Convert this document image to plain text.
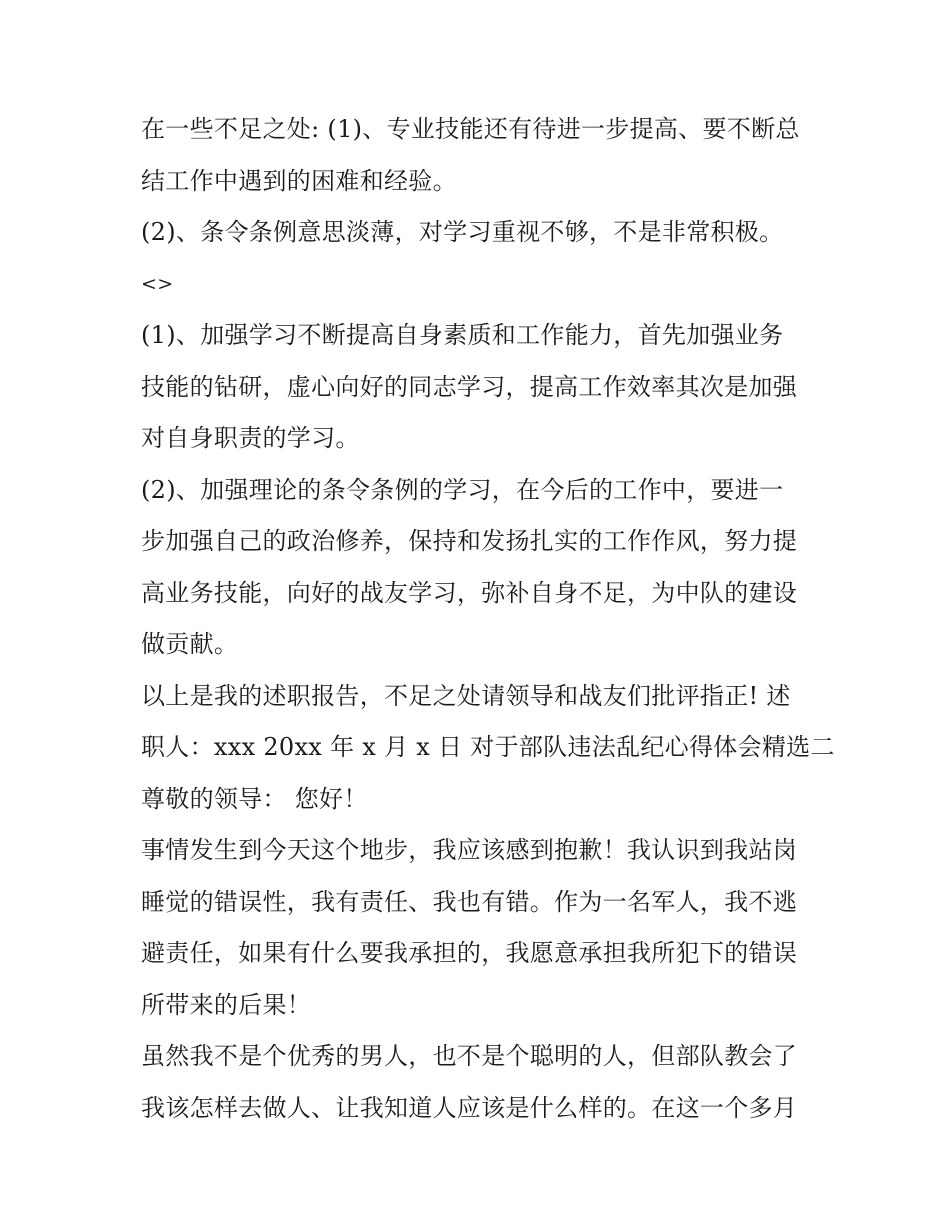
在一些不足之处: (1)、专业技能还有待进一步提高、要不断总
结工作中遇到的困难和经验。
(2)、条令条例意思淡薄，对学习重视不够，不是非常积极。
<>
(1)、加强学习不断提高自身素质和工作能力，首先加强业务
技能的钻研，虚心向好的同志学习，提高工作效率其次是加强
对自身职责的学习。
(2)、加强理论的条令条例的学习，在今后的工作中，要进一
步加强自己的政治修养，保持和发扬扎实的工作作风，努力提
高业务技能，向好的战友学习，弥补自身不足，为中队的建设
做贡献。
以上是我的述职报告，不足之处请领导和战友们批评指正! 述
职人：xxx 20xx 年 x 月 x 日 对于部队违法乱纪心得体会精选二
尊敬的领导： 您好！
事情发生到今天这个地步，我应该感到抱歉！我认识到我站岗
睡觉的错误性，我有责任、我也有错。作为一名军人，我不逃
避责任，如果有什么要我承担的，我愿意承担我所犯下的错误
所带来的后果！
虽然我不是个优秀的男人，也不是个聪明的人，但部队教会了
我该怎样去做人、让我知道人应该是什么样的。在这一个多月
